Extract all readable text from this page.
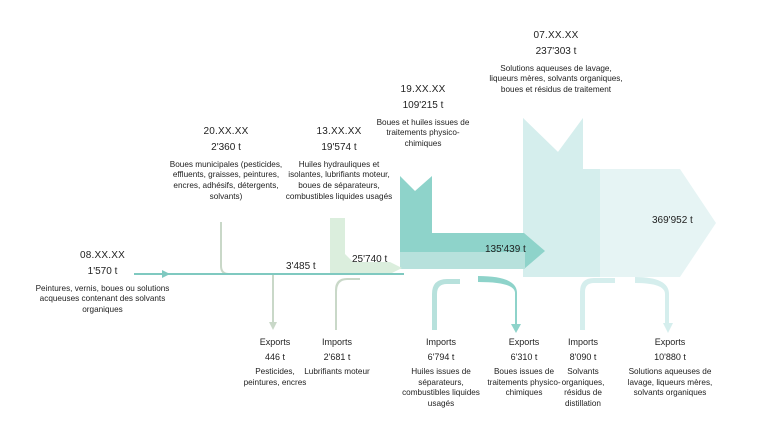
08.XX.XX
1'570 t
Peintures, vernis, boues ou solutions acqueuses contenant des solvants organiques
20.XX.XX
2'360 t
Boues municipales (pesticides, effluents, graisses, peintures, encres, adhésifs, détergents, solvants)
13.XX.XX
19'574 t
Huiles hydrauliques et isolantes, lubrifiants moteur, boues de séparateurs, combustibles liquides usagés
19.XX.XX
109'215 t
Boues et huiles issues de traitements physico-chimiques
07.XX.XX
237'303 t
Solutions aqueuses de lavage, liqueurs mères, solvants organiques, boues et résidus de traitement
3'485 t
25'740 t
135'439 t
369'952 t
Exports
446 t
Pesticides, peintures, encres
Imports
2'681 t
Lubrifiants moteur
Imports
6'794 t
Huiles issues de séparateurs, combustibles liquides usagés
Exports
6'310 t
Boues issues de traitements physico-chimiques
Imports
8'090 t
Solvants organiques, résidus de distillation
Exports
10'880 t
Solutions aqueuses de lavage, liqueurs mères, solvants organiques
